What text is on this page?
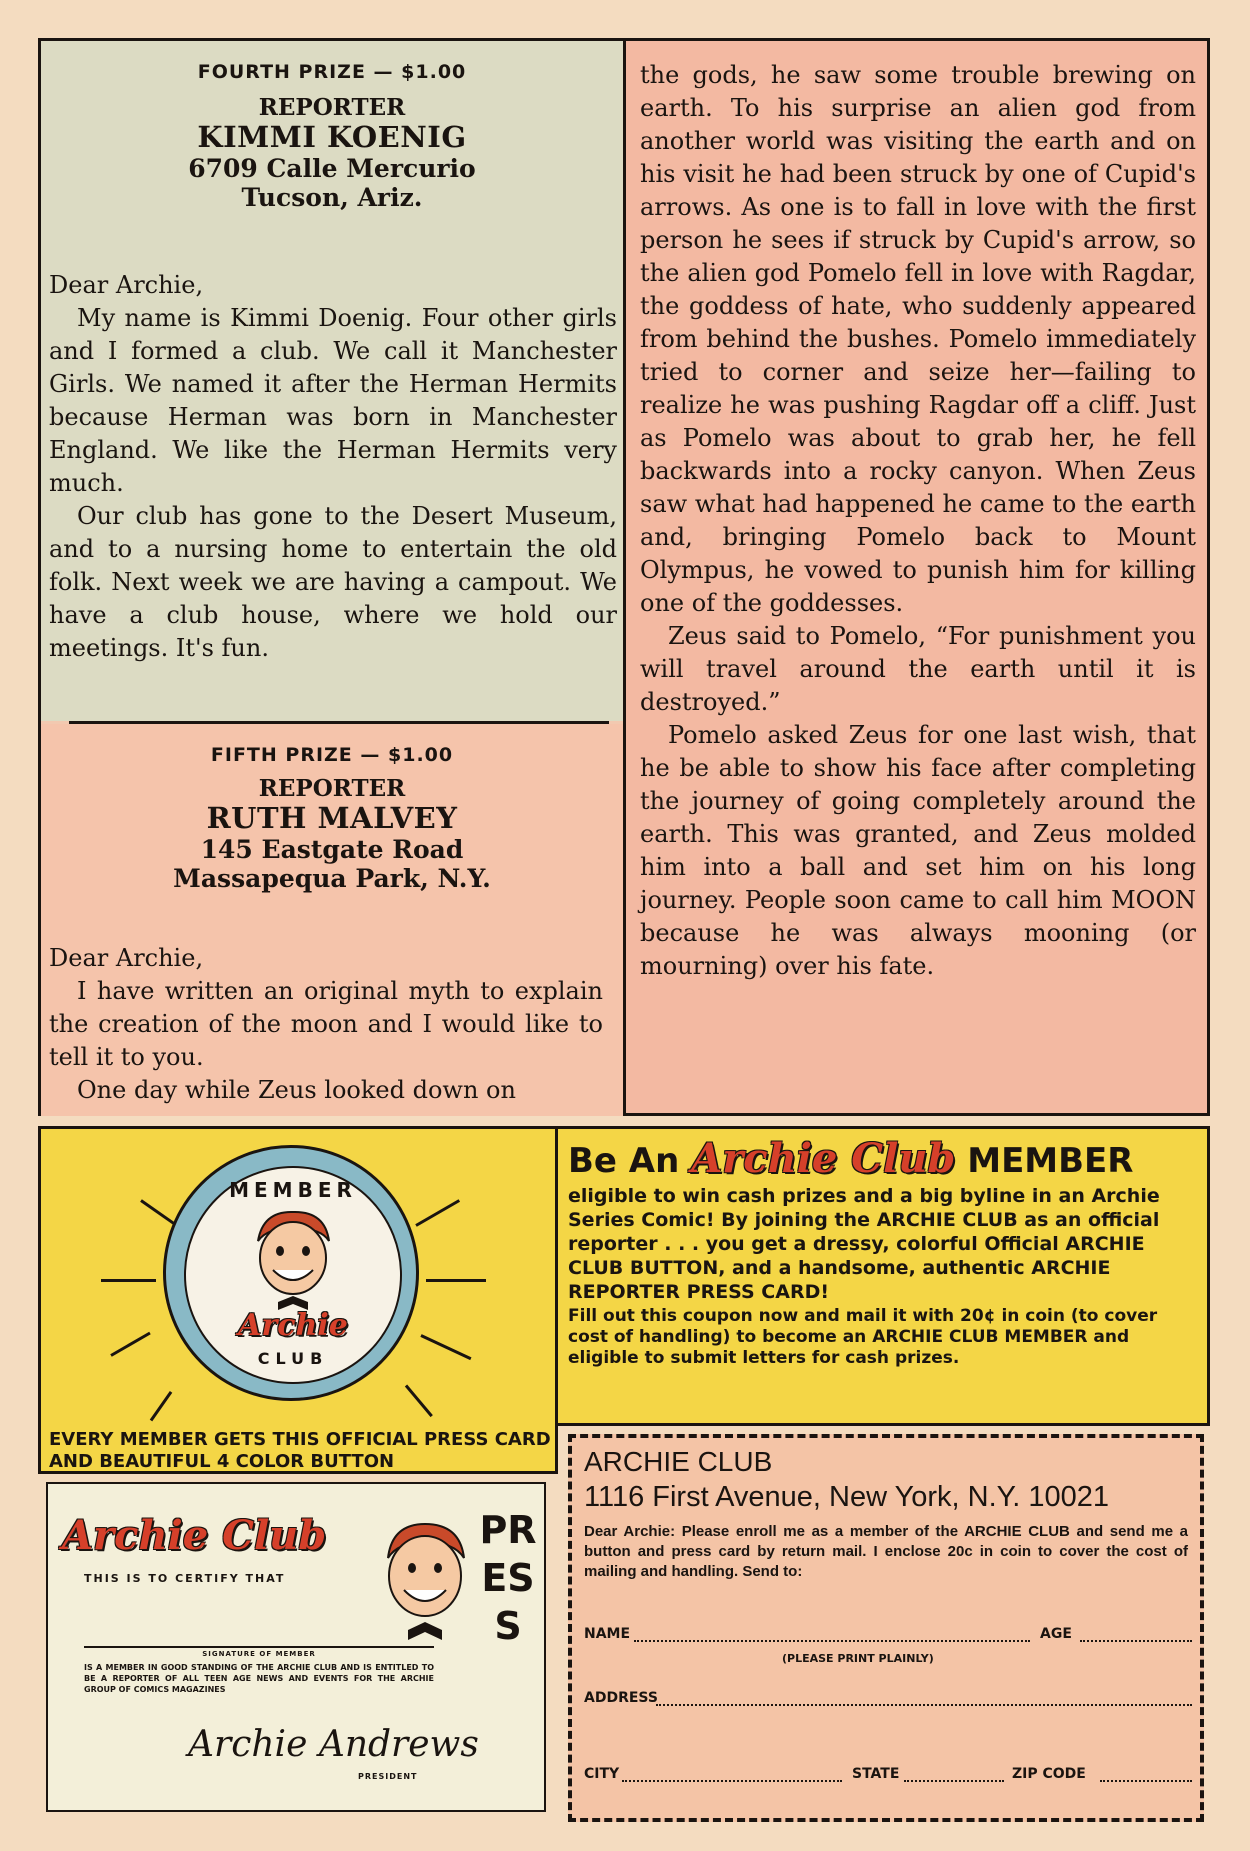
FOURTH PRIZE — $1.00
REPORTER
KIMMI KOENIG
6709 Calle Mercurio
Tucson, Ariz.

Dear Archie,

My name is Kimmi Doenig. Four other girls and I formed a club. We call it Manchester Girls. We named it after the Herman Hermits because Herman was born in Manchester England. We like the Herman Hermits very much.

Our club has gone to the Desert Museum, and to a nursing home to entertain the old folk. Next week we are having a campout. We have a club house, where we hold our meetings. It's fun.

FIFTH PRIZE — $1.00
REPORTER
RUTH MALVEY
145 Eastgate Road
Massapequa Park, N.Y.

Dear Archie,

I have written an original myth to explain the creation of the moon and I would like to tell it to you.

One day while Zeus looked down on

the gods, he saw some trouble brewing on earth. To his surprise an alien god from another world was visiting the earth and on his visit he had been struck by one of Cupid's arrows. As one is to fall in love with the first person he sees if struck by Cupid's arrow, so the alien god Pomelo fell in love with Ragdar, the goddess of hate, who suddenly appeared from behind the bushes. Pomelo immediately tried to corner and seize her—failing to realize he was pushing Ragdar off a cliff. Just as Pomelo was about to grab her, he fell backwards into a rocky canyon. When Zeus saw what had happened he came to the earth and, bringing Pomelo back to Mount Olympus, he vowed to punish him for killing one of the goddesses.

Zeus said to Pomelo, “For punishment you will travel around the earth until it is destroyed.”

Pomelo asked Zeus for one last wish, that he be able to show his face after completing the journey of going completely around the earth. This was granted, and Zeus molded him into a ball and set him on his long journey. People soon came to call him MOON because he was always mooning (or mourning) over his fate.

MEMBER
Archie
CLUB
EVERY MEMBER GETS THIS OFFICIAL PRESS CARD AND BEAUTIFUL 4 COLOR BUTTON
Be An Archie Club MEMBER
eligible to win cash prizes and a big byline in an Archie Series Comic! By joining the ARCHIE CLUB as an official reporter . . . you get a dressy, colorful Official ARCHIE CLUB BUTTON, and a handsome, authentic ARCHIE REPORTER PRESS CARD!
Fill out this coupon now and mail it with 20¢ in coin (to cover cost of handling) to become an ARCHIE CLUB MEMBER and eligible to submit letters for cash prizes.
Archie Club
THIS IS TO CERTIFY THAT
PRESS
SIGNATURE OF MEMBER
IS A MEMBER IN GOOD STANDING OF THE ARCHIE CLUB AND IS ENTITLED TO BE A REPORTER OF ALL TEEN AGE NEWS AND EVENTS FOR THE ARCHIE GROUP OF COMICS MAGAZINES
Archie Andrews
PRESIDENT
ARCHIE CLUB
1116 First Avenue, New York, N.Y. 10021
Dear Archie: Please enroll me as a member of the ARCHIE CLUB and send me a button and press card by return mail. I enclose 20c in coin to cover the cost of mailing and handling. Send to:
NAME	AGE
(PLEASE PRINT PLAINLY)
ADDRESS
CITY	STATE	ZIP CODE
